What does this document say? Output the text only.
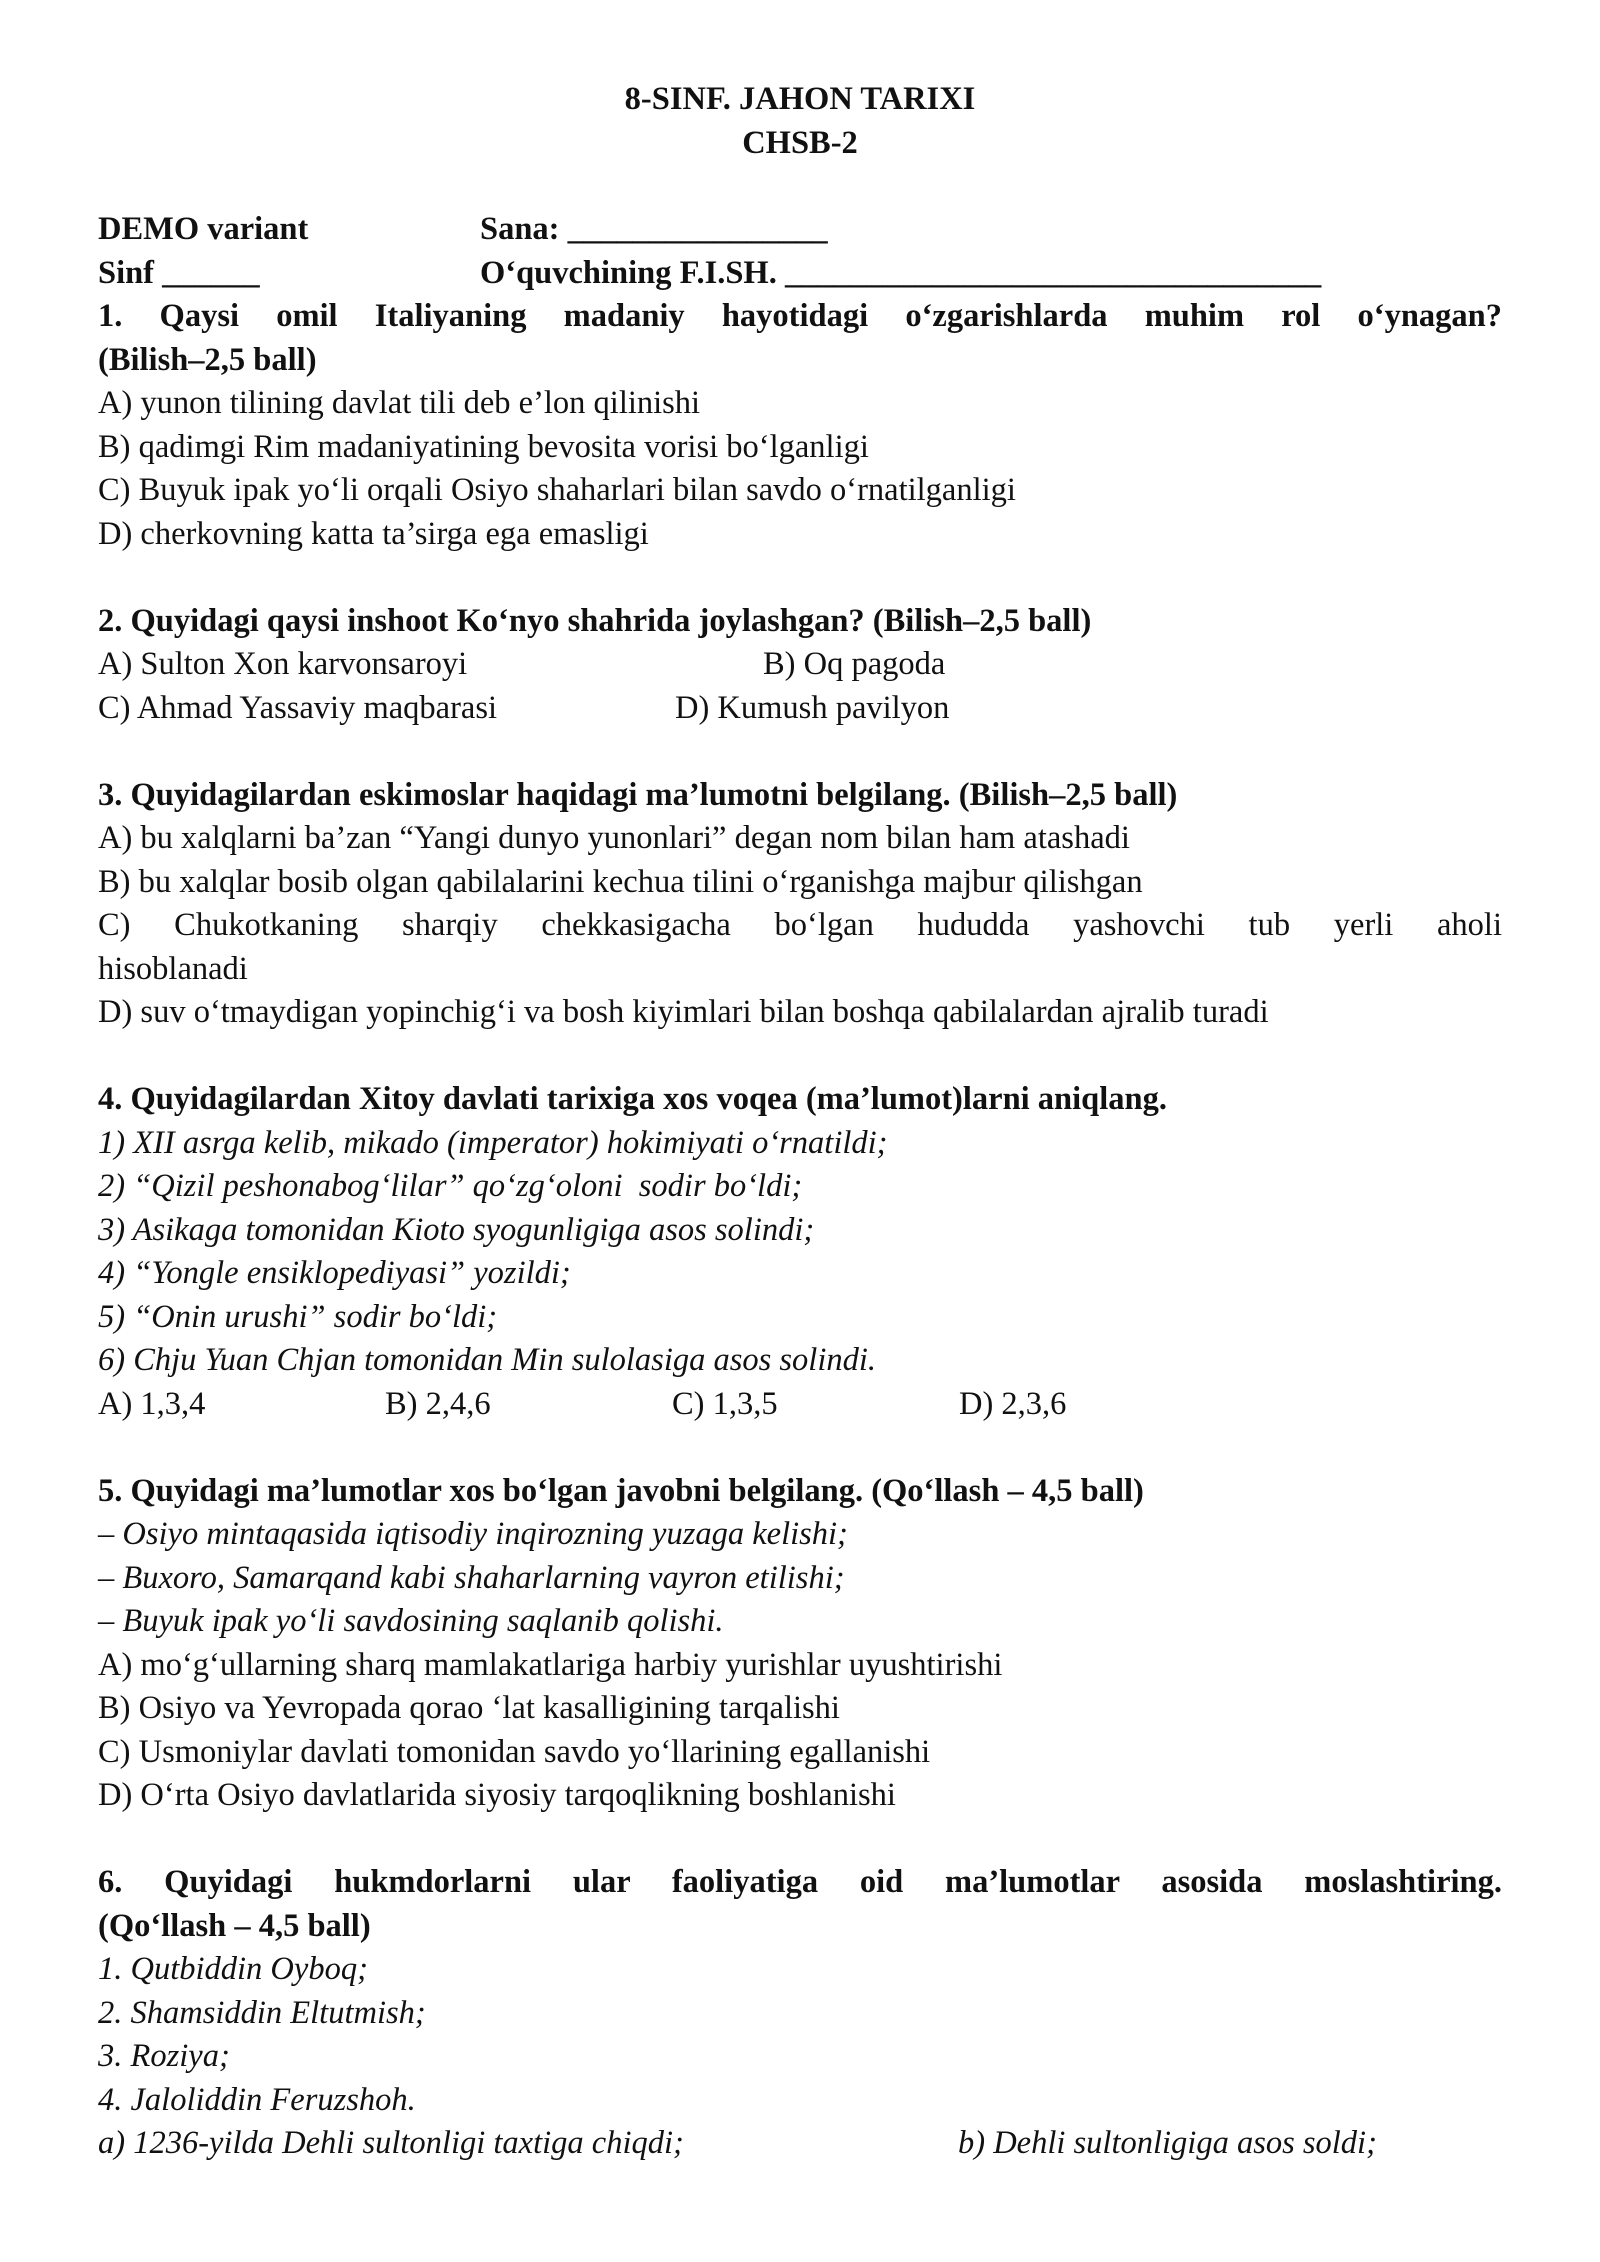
8-SINF. JAHON TARIXI
CHSB-2
DEMO variant	Sana: ________________
Sinf ______	O‘quvchining F.I.SH. _________________________________
1. Qaysi omil Italiyaning madaniy hayotidagi o‘zgarishlarda muhim rol o‘ynagan?
(Bilish–2,5 ball)
A) yunon tilining davlat tili deb e’lon qilinishi
B) qadimgi Rim madaniyatining bevosita vorisi bo‘lganligi
C) Buyuk ipak yo‘li orqali Osiyo shaharlari bilan savdo o‘rnatilganligi
D) cherkovning katta ta’sirga ega emasligi
2. Quyidagi qaysi inshoot Ko‘nyo shahrida joylashgan? (Bilish–2,5 ball)
A) Sulton Xon karvonsaroyi	B) Oq pagoda
C) Ahmad Yassaviy maqbarasi	D) Kumush pavilyon
3. Quyidagilardan eskimoslar haqidagi ma’lumotni belgilang. (Bilish–2,5 ball)
A) bu xalqlarni ba’zan “Yangi dunyo yunonlari” degan nom bilan ham atashadi
B) bu xalqlar bosib olgan qabilalarini kechua tilini o‘rganishga majbur qilishgan
C) Chukotkaning sharqiy chekkasigacha bo‘lgan hududda yashovchi tub yerli aholi
hisoblanadi
D) suv o‘tmaydigan yopinchig‘i va bosh kiyimlari bilan boshqa qabilalardan ajralib turadi
4. Quyidagilardan Xitoy davlati tarixiga xos voqea (ma’lumot)larni aniqlang.
1) XII asrga kelib, mikado (imperator) hokimiyati o‘rnatildi;
2) “Qizil peshonabog‘lilar” qo‘zg‘oloni  sodir bo‘ldi;
3) Asikaga tomonidan Kioto syogunligiga asos solindi;
4) “Yongle ensiklopediyasi” yozildi;
5) “Onin urushi” sodir bo‘ldi;
6) Chju Yuan Chjan tomonidan Min sulolasiga asos solindi.
A) 1,3,4	B) 2,4,6	C) 1,3,5	D) 2,3,6
5. Quyidagi ma’lumotlar xos bo‘lgan javobni belgilang. (Qo‘llash – 4,5 ball)
– Osiyo mintaqasida iqtisodiy inqirozning yuzaga kelishi;
– Buxoro, Samarqand kabi shaharlarning vayron etilishi;
– Buyuk ipak yo‘li savdosining saqlanib qolishi.
A) mo‘g‘ullarning sharq mamlakatlariga harbiy yurishlar uyushtirishi
B) Osiyo va Yevropada qorao ‘lat kasalligining tarqalishi
C) Usmoniylar davlati tomonidan savdo yo‘llarining egallanishi
D) O‘rta Osiyo davlatlarida siyosiy tarqoqlikning boshlanishi
6. Quyidagi hukmdorlarni ular faoliyatiga oid ma’lumotlar asosida moslashtiring.
(Qo‘llash – 4,5 ball)
1. Qutbiddin Oybоq;
2. Shamsiddin Eltutmish;
3. Roziya;
4. Jaloliddin Feruzshoh.
a) 1236-yilda Dehli sultonligi taxtiga chiqdi;	b) Dehli sultonligiga asos soldi;
